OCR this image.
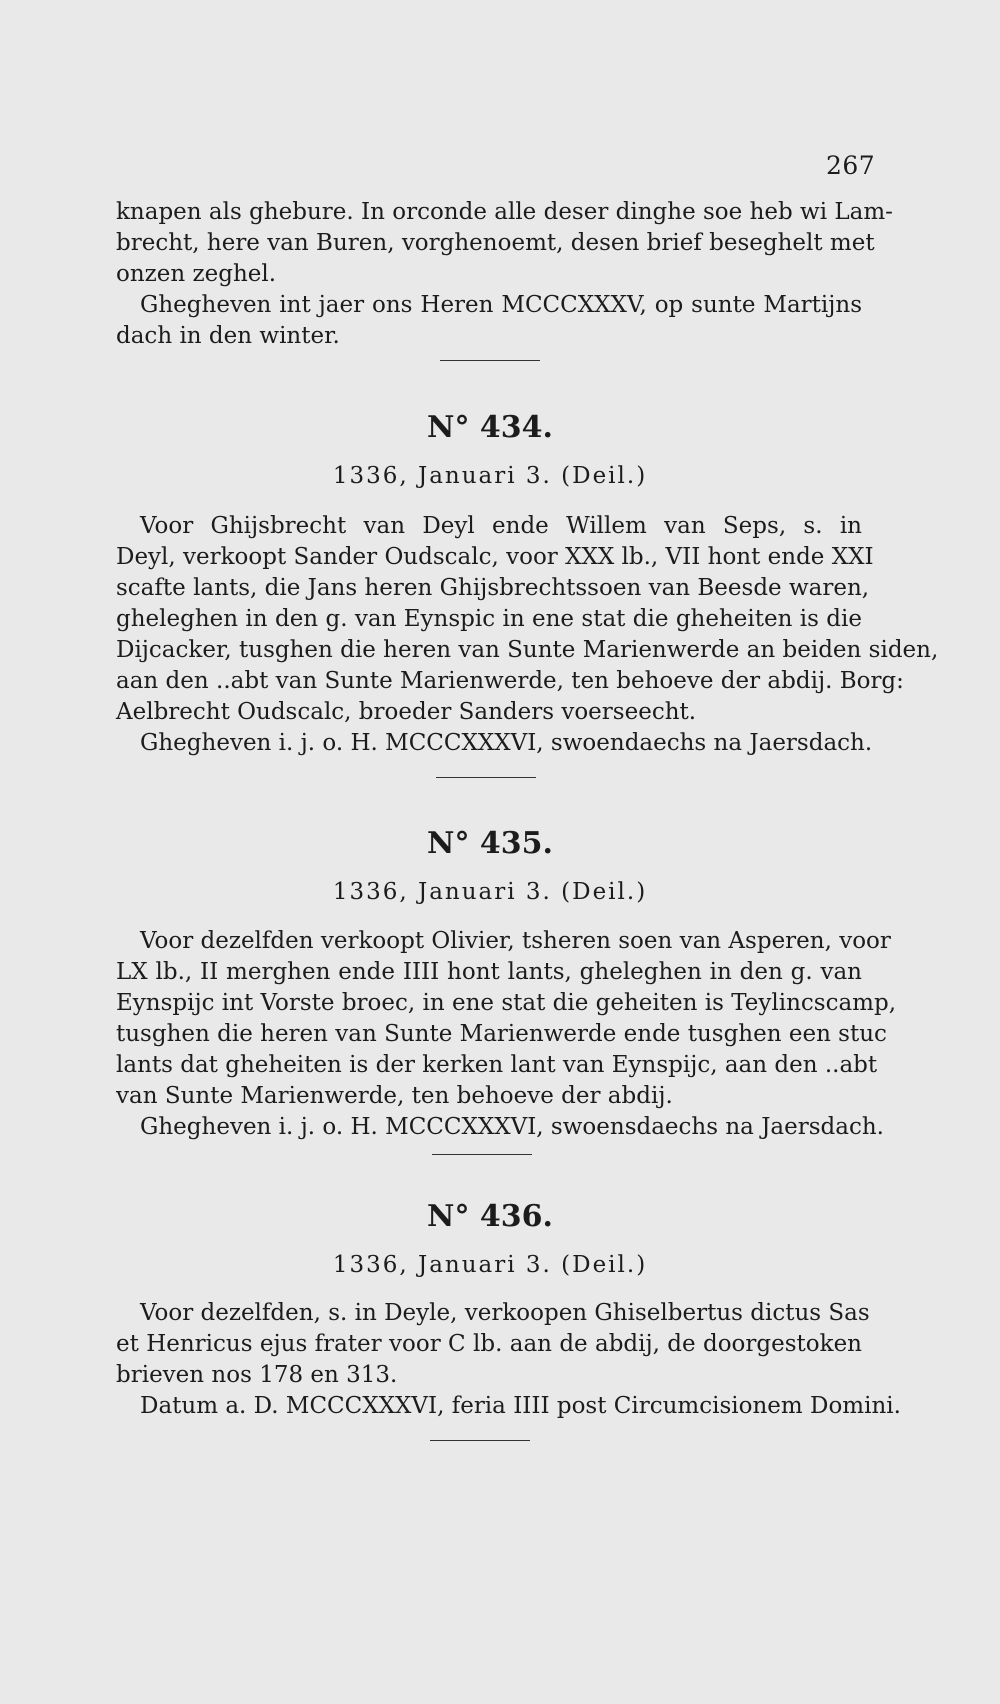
267
knapen als ghebure. In orconde alle deser dinghe soe heb wi Lam-
brecht, here van Buren, vorghenoemt, desen brief beseghelt met
onzen zeghel.
Ghegheven int jaer ons Heren MCCCXXXV, op sunte Martijns
dach in den winter.
N° 434.
1336, Januari 3. (Deil.)
Voor Ghijsbrecht van Deyl ende Willem van Seps, s. in
Deyl, verkoopt Sander Oudscalc, voor XXX lb., VII hont ende XXI
scafte lants, die Jans heren Ghijsbrechtssoen van Beesde waren,
gheleghen in den g. van Eynspic in ene stat die gheheiten is die
Dijcacker, tusghen die heren van Sunte Marienwerde an beiden siden,
aan den ..abt van Sunte Marienwerde, ten behoeve der abdij. Borg:
Aelbrecht Oudscalc, broeder Sanders voerseecht.
Ghegheven i. j. o. H. MCCCXXXVI, swoendaechs na Jaersdach.
N° 435.
1336, Januari 3. (Deil.)
Voor dezelfden verkoopt Olivier, tsheren soen van Asperen, voor
LX lb., II merghen ende IIII hont lants, gheleghen in den g. van
Eynspijc int Vorste broec, in ene stat die geheiten is Teylincscamp,
tusghen die heren van Sunte Marienwerde ende tusghen een stuc
lants dat gheheiten is der kerken lant van Eynspijc, aan den ..abt
van Sunte Marienwerde, ten behoeve der abdij.
Ghegheven i. j. o. H. MCCCXXXVI, swoensdaechs na Jaersdach.
N° 436.
1336, Januari 3. (Deil.)
Voor dezelfden, s. in Deyle, verkoopen Ghiselbertus dictus Sas
et Henricus ejus frater voor C lb. aan de abdij, de doorgestoken
brieven nos 178 en 313.
Datum a. D. MCCCXXXVI, feria IIII post Circumcisionem Domini.
